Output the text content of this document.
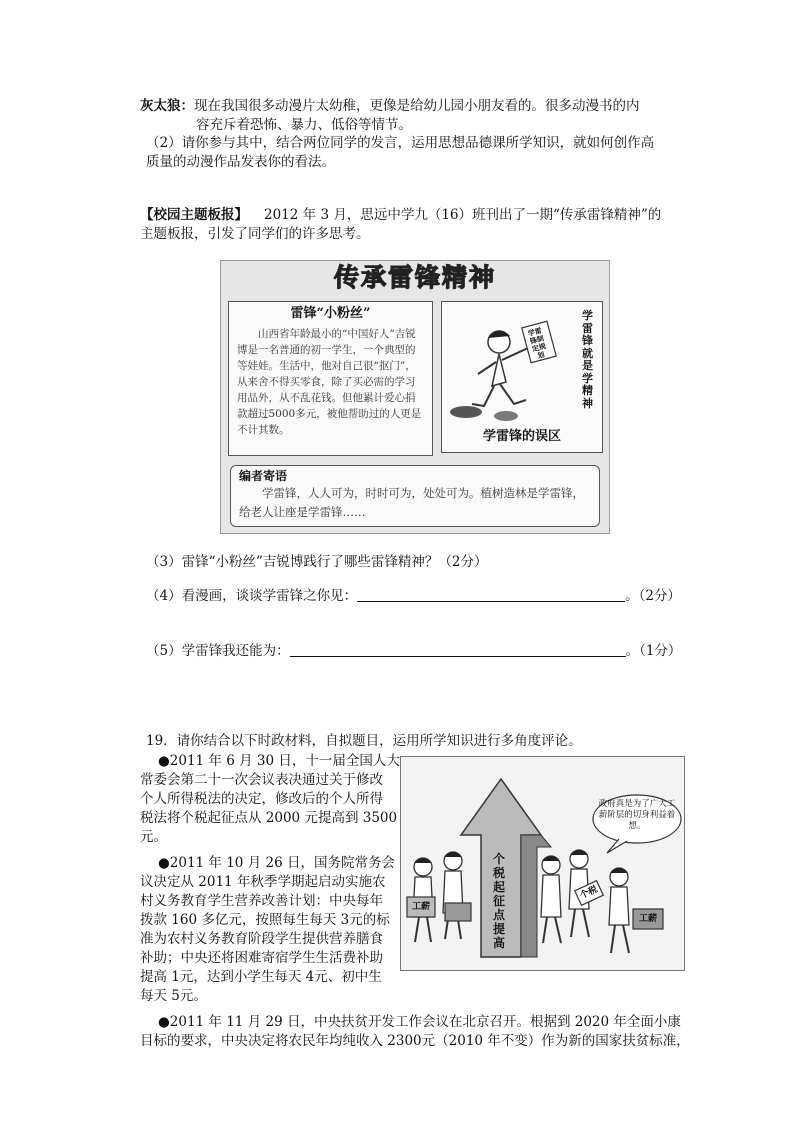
灰太狼：现在我国很多动漫片太幼稚，更像是给幼儿园小朋友看的。很多动漫书的内
容充斥着恐怖、暴力、低俗等情节。
（2）请你参与其中，结合两位同学的发言，运用思想品德课所学知识，就如何创作高
质量的动漫作品发表你的看法。
【校园主题板报】 2012 年 3 月，思远中学九（16）班刊出了一期“传承雷锋精神”的
主题板报，引发了同学们的许多思考。
传承雷锋精神
雷锋“小粉丝”
山西省年龄最小的“中国好人”吉锐博是一名普通的初一学生，一个典型的等娃娃。生活中，他对自己很“抠门”，从来舍不得买零食，除了买必需的学习用品外，从不乱花钱。但他累计爱心捐款超过5000多元，被他帮助过的人更是不计其数。
学雷锋制定规划
学雷锋就是学精神
学雷锋的误区
编者寄语
学雷锋，人人可为，时时可为，处处可为。植树造林是学雷锋，给老人让座是学雷锋……
（3）雷锋“小粉丝”吉锐博践行了哪些雷锋精神？（2分）
（4）看漫画，谈谈学雷锋之你见：	。（2分）
（5）学雷锋我还能为：	。（1分）
19．请你结合以下时政材料，自拟题目，运用所学知识进行多角度评论。
●2011 年 6 月 30 日，十一届全国人大
常委会第二十一次会议表决通过关于修改
个人所得税法的决定，修改后的个人所得
税法将个税起征点从 2000 元提高到 3500
元。
●2011 年 10 月 26 日，国务院常务会
议决定从 2011 年秋季学期起启动实施农
村义务教育学生营养改善计划：中央每年
拨款 160 多亿元，按照每生每天 3元的标
准为农村义务教育阶段学生提供营养膳食
补助；中央还将困难寄宿学生生活费补助
提高 1元，达到小学生每天 4元、初中生
每天 5元。
●2011 年 11 月 29 日，中央扶贫开发工作会议在北京召开。根据到 2020 年全面小康
目标的要求，中央决定将农民年均纯收入 2300元（2010 年不变）作为新的国家扶贫标准，
个税起征点提高
政府真是为了广大工薪阶层的切身利益着想。
工薪
个税
工薪
